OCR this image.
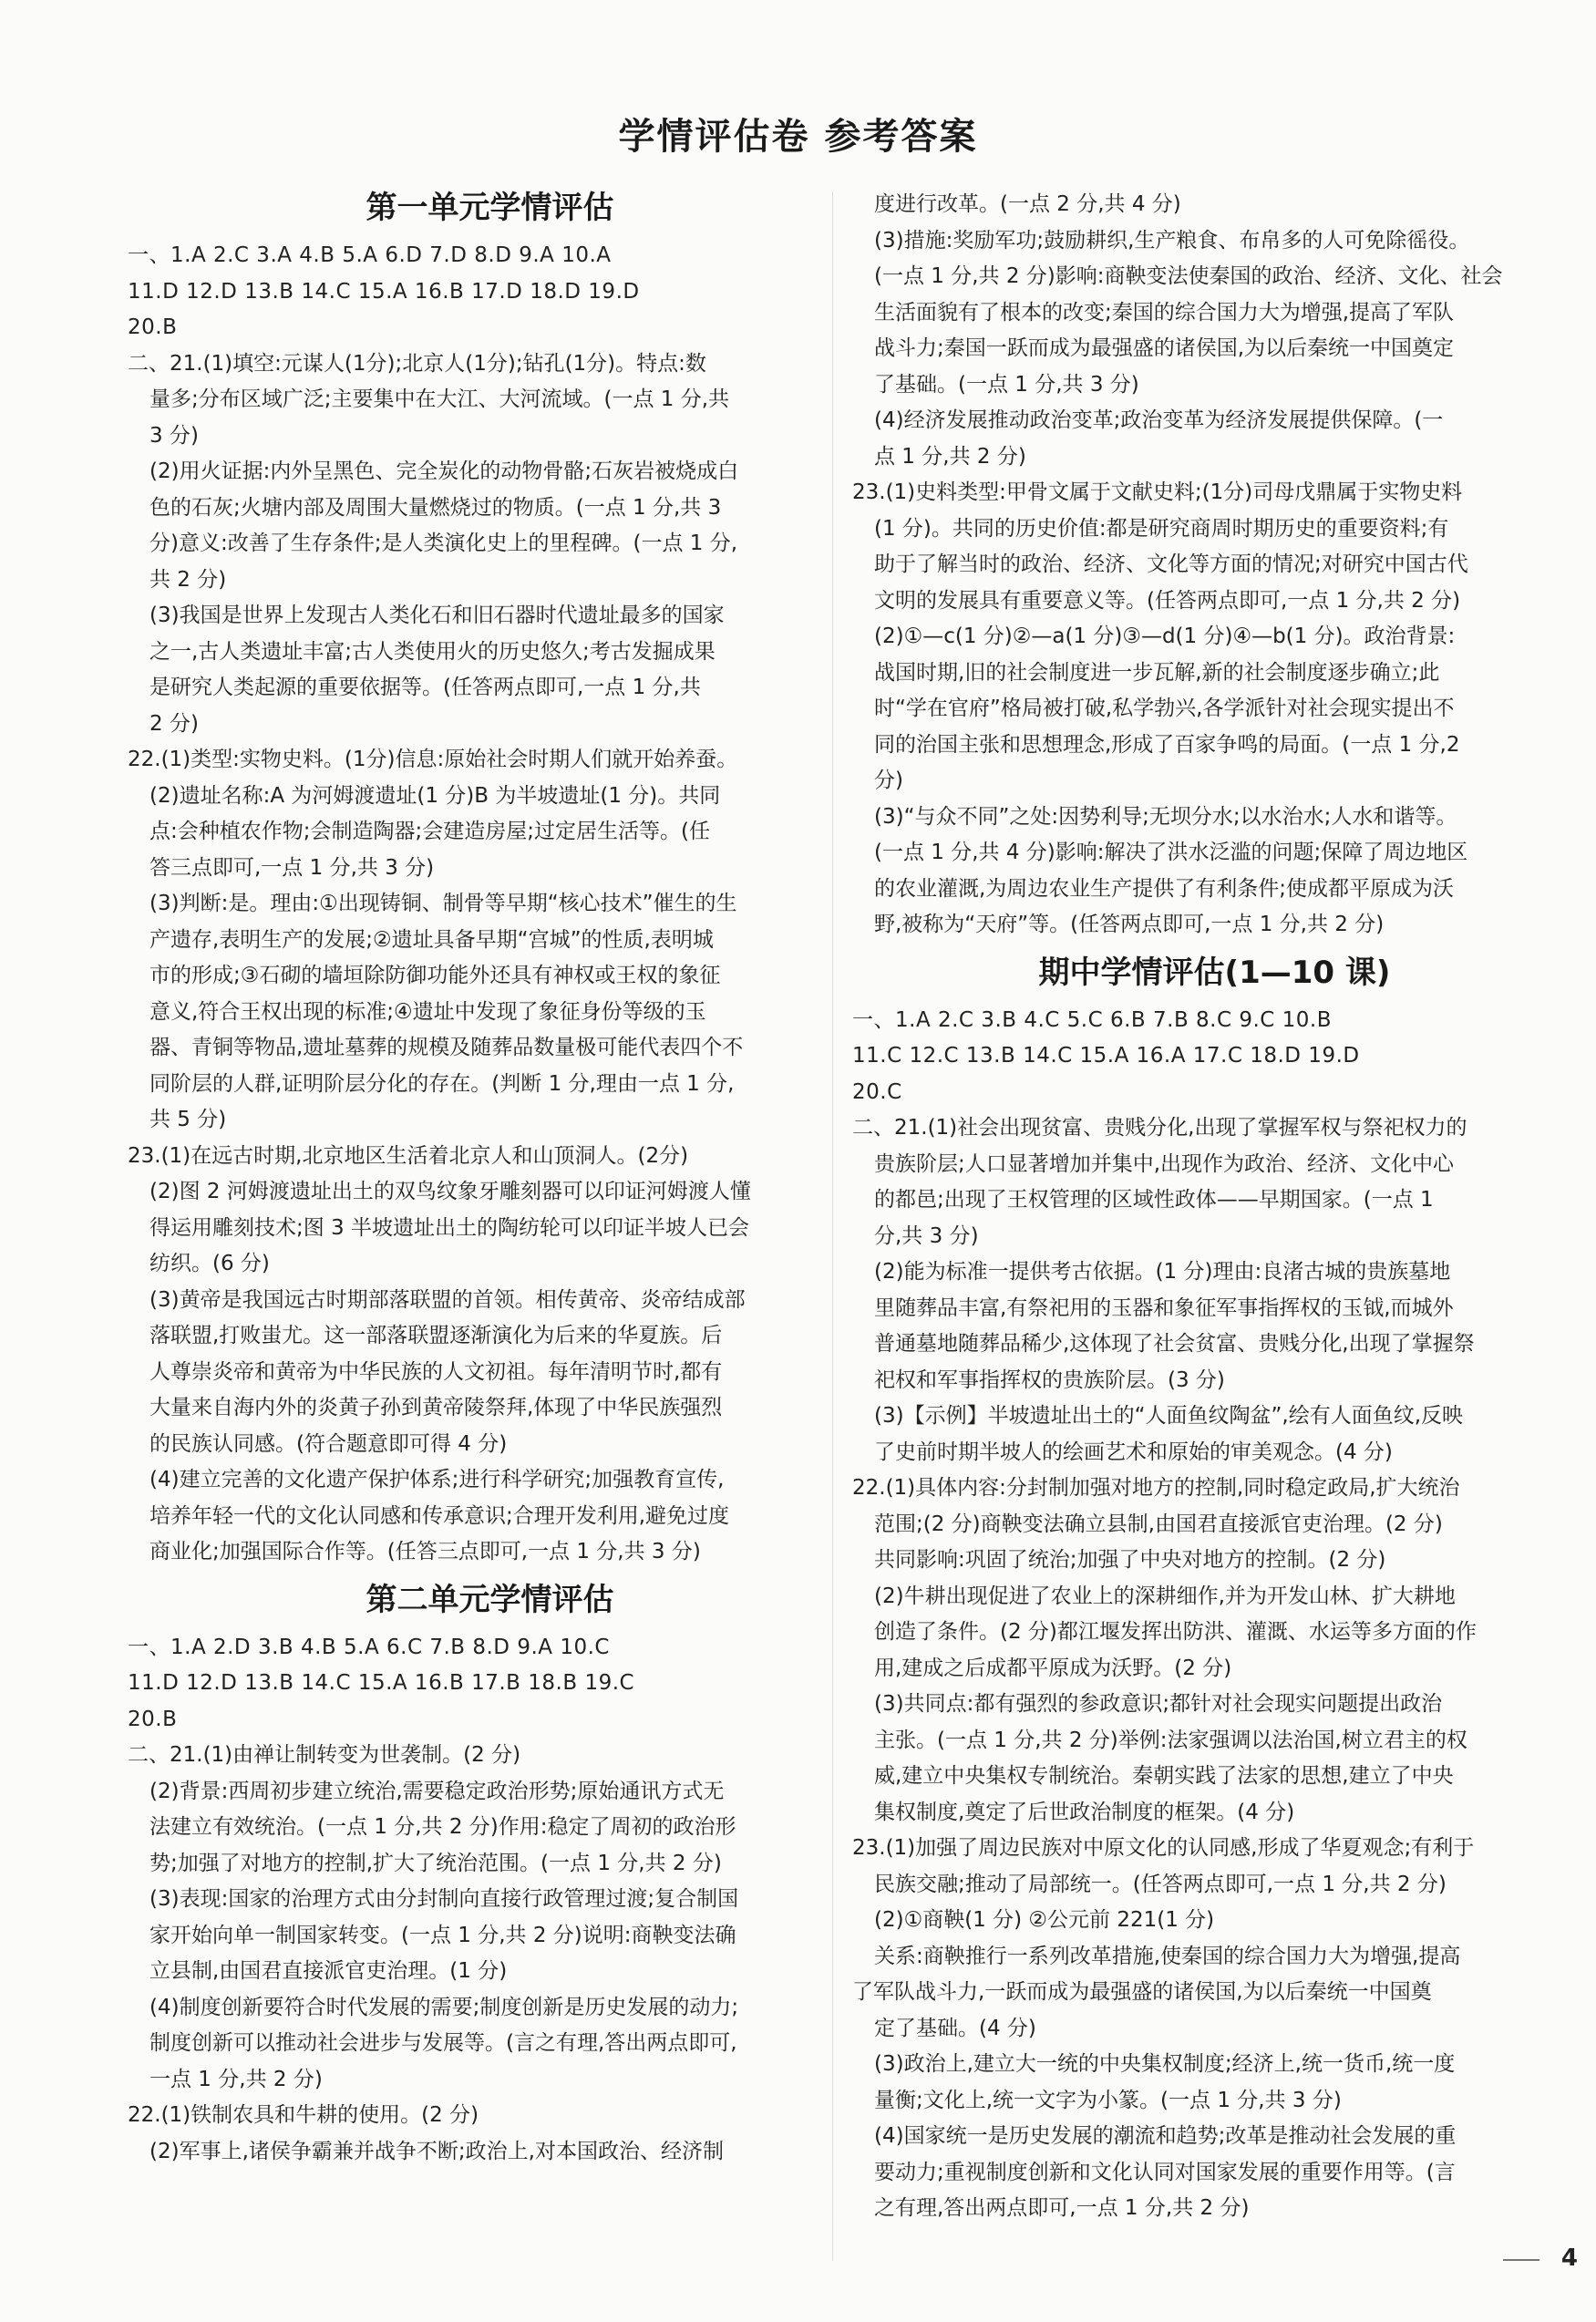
学情评估卷 参考答案
第一单元学情评估
一、1.A 2.C 3.A 4.B 5.A 6.D 7.D 8.D 9.A 10.A
11.D 12.D 13.B 14.C 15.A 16.B 17.D 18.D 19.D
20.B
二、21.(1)填空:元谋人(1分);北京人(1分);钻孔(1分)。特点:数
量多;分布区域广泛;主要集中在大江、大河流域。(一点 1 分,共
3 分)
(2)用火证据:内外呈黑色、完全炭化的动物骨骼;石灰岩被烧成白
色的石灰;火塘内部及周围大量燃烧过的物质。(一点 1 分,共 3
分)意义:改善了生存条件;是人类演化史上的里程碑。(一点 1 分,
共 2 分)
(3)我国是世界上发现古人类化石和旧石器时代遗址最多的国家
之一,古人类遗址丰富;古人类使用火的历史悠久;考古发掘成果
是研究人类起源的重要依据等。(任答两点即可,一点 1 分,共
2 分)
22.(1)类型:实物史料。(1分)信息:原始社会时期人们就开始养蚕。
(2)遗址名称:A 为河姆渡遗址(1 分)B 为半坡遗址(1 分)。共同
点:会种植农作物;会制造陶器;会建造房屋;过定居生活等。(任
答三点即可,一点 1 分,共 3 分)
(3)判断:是。理由:①出现铸铜、制骨等早期“核心技术”催生的生
产遗存,表明生产的发展;②遗址具备早期“宫城”的性质,表明城
市的形成;③石砌的墙垣除防御功能外还具有神权或王权的象征
意义,符合王权出现的标准;④遗址中发现了象征身份等级的玉
器、青铜等物品,遗址墓葬的规模及随葬品数量极可能代表四个不
同阶层的人群,证明阶层分化的存在。(判断 1 分,理由一点 1 分,
共 5 分)
23.(1)在远古时期,北京地区生活着北京人和山顶洞人。(2分)
(2)图 2 河姆渡遗址出土的双鸟纹象牙雕刻器可以印证河姆渡人懂
得运用雕刻技术;图 3 半坡遗址出土的陶纺轮可以印证半坡人已会
纺织。(6 分)
(3)黄帝是我国远古时期部落联盟的首领。相传黄帝、炎帝结成部
落联盟,打败蚩尤。这一部落联盟逐渐演化为后来的华夏族。后
人尊崇炎帝和黄帝为中华民族的人文初祖。每年清明节时,都有
大量来自海内外的炎黄子孙到黄帝陵祭拜,体现了中华民族强烈
的民族认同感。(符合题意即可得 4 分)
(4)建立完善的文化遗产保护体系;进行科学研究;加强教育宣传,
培养年轻一代的文化认同感和传承意识;合理开发利用,避免过度
商业化;加强国际合作等。(任答三点即可,一点 1 分,共 3 分)
第二单元学情评估
一、1.A 2.D 3.B 4.B 5.A 6.C 7.B 8.D 9.A 10.C
11.D 12.D 13.B 14.C 15.A 16.B 17.B 18.B 19.C
20.B
二、21.(1)由禅让制转变为世袭制。(2 分)
(2)背景:西周初步建立统治,需要稳定政治形势;原始通讯方式无
法建立有效统治。(一点 1 分,共 2 分)作用:稳定了周初的政治形
势;加强了对地方的控制,扩大了统治范围。(一点 1 分,共 2 分)
(3)表现:国家的治理方式由分封制向直接行政管理过渡;复合制国
家开始向单一制国家转变。(一点 1 分,共 2 分)说明:商鞅变法确
立县制,由国君直接派官吏治理。(1 分)
(4)制度创新要符合时代发展的需要;制度创新是历史发展的动力;
制度创新可以推动社会进步与发展等。(言之有理,答出两点即可,
一点 1 分,共 2 分)
22.(1)铁制农具和牛耕的使用。(2 分)
(2)军事上,诸侯争霸兼并战争不断;政治上,对本国政治、经济制
度进行改革。(一点 2 分,共 4 分)
(3)措施:奖励军功;鼓励耕织,生产粮食、布帛多的人可免除徭役。
(一点 1 分,共 2 分)影响:商鞅变法使秦国的政治、经济、文化、社会
生活面貌有了根本的改变;秦国的综合国力大为增强,提高了军队
战斗力;秦国一跃而成为最强盛的诸侯国,为以后秦统一中国奠定
了基础。(一点 1 分,共 3 分)
(4)经济发展推动政治变革;政治变革为经济发展提供保障。(一
点 1 分,共 2 分)
23.(1)史料类型:甲骨文属于文献史料;(1分)司母戊鼎属于实物史料
(1 分)。共同的历史价值:都是研究商周时期历史的重要资料;有
助于了解当时的政治、经济、文化等方面的情况;对研究中国古代
文明的发展具有重要意义等。(任答两点即可,一点 1 分,共 2 分)
(2)①—c(1 分)②—a(1 分)③—d(1 分)④—b(1 分)。政治背景:
战国时期,旧的社会制度进一步瓦解,新的社会制度逐步确立;此
时“学在官府”格局被打破,私学勃兴,各学派针对社会现实提出不
同的治国主张和思想理念,形成了百家争鸣的局面。(一点 1 分,2
分)
(3)“与众不同”之处:因势利导;无坝分水;以水治水;人水和谐等。
(一点 1 分,共 4 分)影响:解决了洪水泛滥的问题;保障了周边地区
的农业灌溉,为周边农业生产提供了有利条件;使成都平原成为沃
野,被称为“天府”等。(任答两点即可,一点 1 分,共 2 分)
期中学情评估(1—10 课)
一、1.A 2.C 3.B 4.C 5.C 6.B 7.B 8.C 9.C 10.B
11.C 12.C 13.B 14.C 15.A 16.A 17.C 18.D 19.D
20.C
二、21.(1)社会出现贫富、贵贱分化,出现了掌握军权与祭祀权力的
贵族阶层;人口显著增加并集中,出现作为政治、经济、文化中心
的都邑;出现了王权管理的区域性政体——早期国家。(一点 1
分,共 3 分)
(2)能为标准一提供考古依据。(1 分)理由:良渚古城的贵族墓地
里随葬品丰富,有祭祀用的玉器和象征军事指挥权的玉钺,而城外
普通墓地随葬品稀少,这体现了社会贫富、贵贱分化,出现了掌握祭
祀权和军事指挥权的贵族阶层。(3 分)
(3)【示例】半坡遗址出土的“人面鱼纹陶盆”,绘有人面鱼纹,反映
了史前时期半坡人的绘画艺术和原始的审美观念。(4 分)
22.(1)具体内容:分封制加强对地方的控制,同时稳定政局,扩大统治
范围;(2 分)商鞅变法确立县制,由国君直接派官吏治理。(2 分)
共同影响:巩固了统治;加强了中央对地方的控制。(2 分)
(2)牛耕出现促进了农业上的深耕细作,并为开发山林、扩大耕地
创造了条件。(2 分)都江堰发挥出防洪、灌溉、水运等多方面的作
用,建成之后成都平原成为沃野。(2 分)
(3)共同点:都有强烈的参政意识;都针对社会现实问题提出政治
主张。(一点 1 分,共 2 分)举例:法家强调以法治国,树立君主的权
威,建立中央集权专制统治。秦朝实践了法家的思想,建立了中央
集权制度,奠定了后世政治制度的框架。(4 分)
23.(1)加强了周边民族对中原文化的认同感,形成了华夏观念;有利于
民族交融;推动了局部统一。(任答两点即可,一点 1 分,共 2 分)
(2)①商鞅(1 分) ②公元前 221(1 分)
关系:商鞅推行一系列改革措施,使秦国的综合国力大为增强,提高
了军队战斗力,一跃而成为最强盛的诸侯国,为以后秦统一中国奠
定了基础。(4 分)
(3)政治上,建立大一统的中央集权制度;经济上,统一货币,统一度
量衡;文化上,统一文字为小篆。(一点 1 分,共 3 分)
(4)国家统一是历史发展的潮流和趋势;改革是推动社会发展的重
要动力;重视制度创新和文化认同对国家发展的重要作用等。(言
之有理,答出两点即可,一点 1 分,共 2 分)
4
